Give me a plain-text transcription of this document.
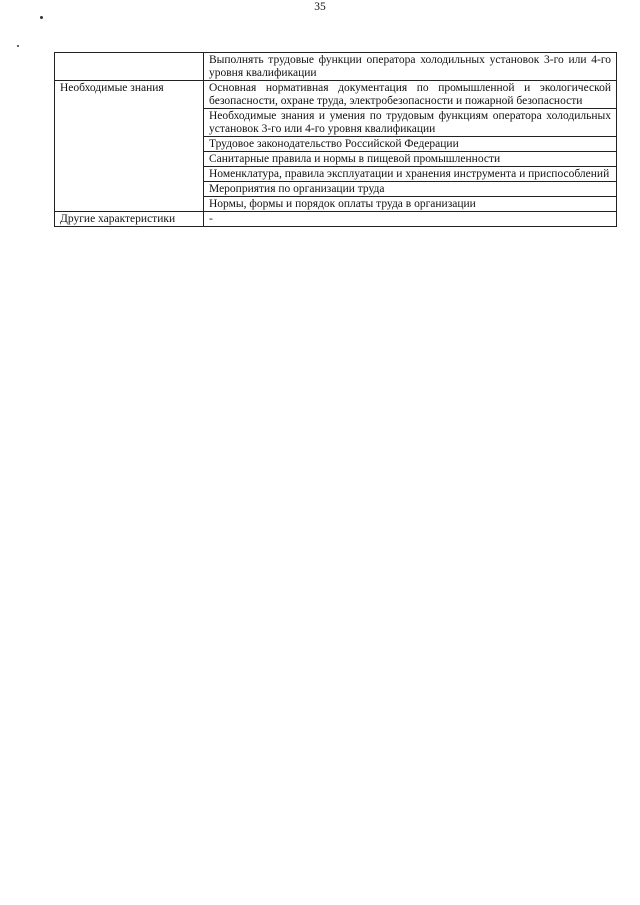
35
	Выполнять трудовые функции оператора холодильных установок 3-го или 4-го уровня квалификации
Необходимые знания	Основная нормативная документация по промышленной и экологической безопасности, охране труда, электробезопасности и пожарной безопасности
	Необходимые знания и умения по трудовым функциям оператора холодильных установок 3-го или 4-го уровня квалификации
	Трудовое законодательство Российской Федерации
	Санитарные правила и нормы в пищевой промышленности
	Номенклатура, правила эксплуатации и хранения инструмента и приспособлений
	Мероприятия по организации труда
	Нормы, формы и порядок оплаты труда в организации
Другие характеристики	-
